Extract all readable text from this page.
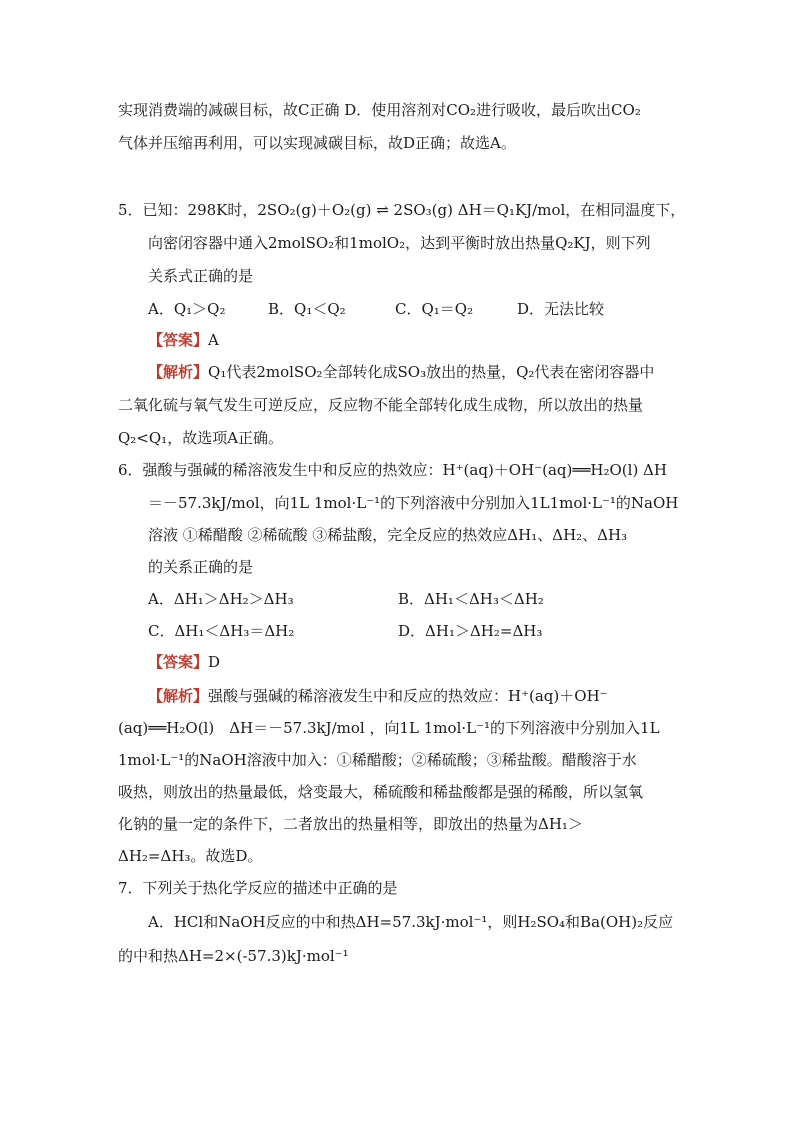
实现消费端的减碳目标，故C正确 D．使用溶剂对CO₂进行吸收，最后吹出CO₂
气体并压缩再利用，可以实现减碳目标，故D正确；故选A。
5．已知：298K时，2SO₂(g)＋O₂(g) ⇌ 2SO₃(g) ΔH＝Q₁KJ/mol，在相同温度下，
向密闭容器中通入2molSO₂和1molO₂，达到平衡时放出热量Q₂KJ，则下列
关系式正确的是
A．Q₁＞Q₂	B．Q₁＜Q₂	C．Q₁＝Q₂	D．无法比较
【答案】A
【解析】Q₁代表2molSO₂全部转化成SO₃放出的热量，Q₂代表在密闭容器中
二氧化硫与氧气发生可逆反应，反应物不能全部转化成生成物，所以放出的热量
Q₂<Q₁，故选项A正确。
6．强酸与强碱的稀溶液发生中和反应的热效应：H⁺(aq)＋OH⁻(aq)══H₂O(l) ΔH
＝－57.3kJ/mol，向1L 1mol·L⁻¹的下列溶液中分别加入1L1mol·L⁻¹的NaOH
溶液 ①稀醋酸 ②稀硫酸 ③稀盐酸，完全反应的热效应ΔH₁、ΔH₂、ΔH₃
的关系正确的是
A．ΔH₁＞ΔH₂＞ΔH₃	B．ΔH₁＜ΔH₃＜ΔH₂
C．ΔH₁＜ΔH₃＝ΔH₂	D．ΔH₁＞ΔH₂=ΔH₃
【答案】D
【解析】强酸与强碱的稀溶液发生中和反应的热效应：H⁺(aq)＋OH⁻
(aq)══H₂O(l)　ΔH＝－57.3kJ/mol ，向1L 1mol·L⁻¹的下列溶液中分别加入1L
1mol·L⁻¹的NaOH溶液中加入：①稀醋酸；②稀硫酸；③稀盐酸。醋酸溶于水
吸热，则放出的热量最低，焓变最大，稀硫酸和稀盐酸都是强的稀酸，所以氢氧
化钠的量一定的条件下，二者放出的热量相等，即放出的热量为ΔH₁＞
ΔH₂=ΔH₃。故选D。
7．下列关于热化学反应的描述中正确的是
A．HCl和NaOH反应的中和热ΔH=57.3kJ·mol⁻¹，则H₂SO₄和Ba(OH)₂反应
的中和热ΔH=2×(-57.3)kJ·mol⁻¹
